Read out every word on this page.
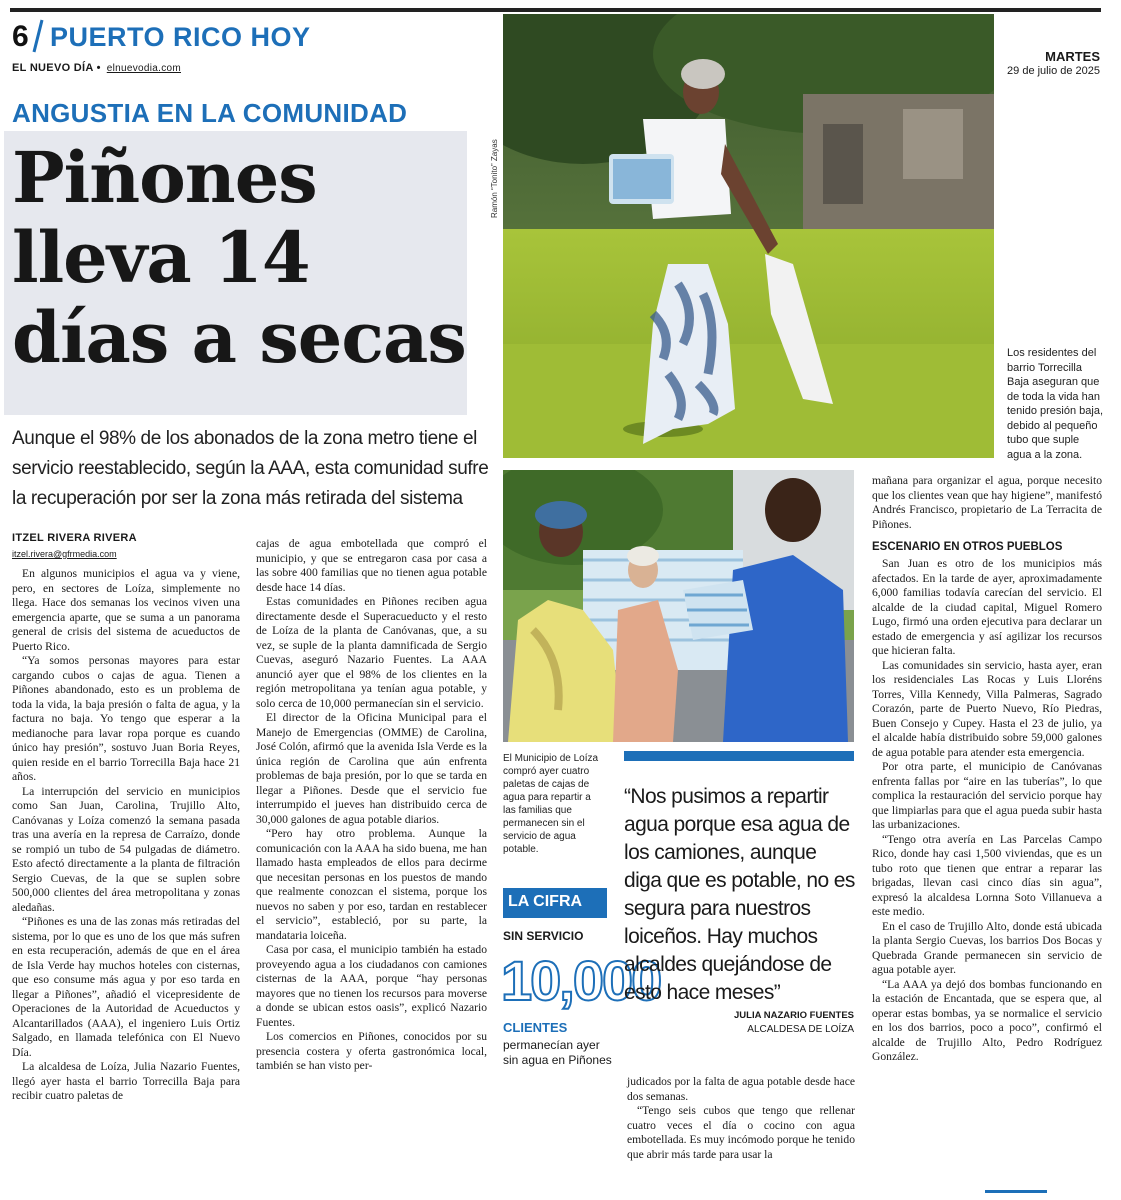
6 PUERTO RICO HOY
EL NUEVO DÍA • elnuevodia.com
MARTES
29 de julio de 2025
ANGUSTIA EN LA COMUNIDAD
Piñones lleva 14 días a secas
Aunque el 98% de los abonados de la zona metro tiene el servicio reestablecido, según la AAA, esta comunidad sufre la recuperación por ser la zona más retirada del sistema
Ramón “Tonito” Zayas
Los residentes del barrio Torrecilla Baja aseguran que de toda la vida han tenido presión baja, debido al pequeño tubo que suple agua a la zona.
El Municipio de Loíza compró ayer cuatro paletas de cajas de agua para repartir a las familias que permanecen sin el servicio de agua potable.
ITZEL RIVERA RIVERA
itzel.rivera@gfrmedia.com

En algunos municipios el agua va y viene, pero, en sectores de Loíza, simplemente no llega. Hace dos semanas los vecinos viven una emergencia aparte, que se suma a un panorama general de crisis del sistema de acueductos de Puerto Rico.

“Ya somos personas mayores para estar cargando cubos o cajas de agua. Tienen a Piñones abandonado, esto es un problema de toda la vida, la baja presión o falta de agua, y la factura no baja. Yo tengo que esperar a la medianoche para lavar ropa porque es cuando único hay presión”, sostuvo Juan Boria Reyes, quien reside en el barrio Torrecilla Baja hace 21 años.

La interrupción del servicio en municipios como San Juan, Carolina, Trujillo Alto, Canóvanas y Loíza comenzó la semana pasada tras una avería en la represa de Carraízo, donde se rompió un tubo de 54 pulgadas de diámetro. Esto afectó directamente a la planta de filtración Sergio Cuevas, de la que se suplen sobre 500,000 clientes del área metropolitana y zonas aledañas.

“Piñones es una de las zonas más retiradas del sistema, por lo que es uno de los que más sufren en esta recuperación, además de que en el área de Isla Verde hay muchos hoteles con cisternas, que eso consume más agua y por eso tarda en llegar a Piñones”, añadió el vicepresidente de Operaciones de la Autoridad de Acueductos y Alcantarillados (AAA), el ingeniero Luis Ortiz Salgado, en llamada telefónica con El Nuevo Día.

La alcaldesa de Loíza, Julia Nazario Fuentes, llegó ayer hasta el barrio Torrecilla Baja para recibir cuatro paletas de

cajas de agua embotellada que compró el municipio, y que se entregaron casa por casa a las sobre 400 familias que no tienen agua potable desde hace 14 días.

Estas comunidades en Piñones reciben agua directamente desde el Superacueducto y el resto de Loíza de la planta de Canóvanas, que, a su vez, se suple de la planta damnificada de Sergio Cuevas, aseguró Nazario Fuentes. La AAA anunció ayer que el 98% de los clientes en la región metropolitana ya tenían agua potable, y solo cerca de 10,000 permanecían sin el servicio.

El director de la Oficina Municipal para el Manejo de Emergencias (OMME) de Carolina, José Colón, afirmó que la avenida Isla Verde es la única región de Carolina que aún enfrenta problemas de baja presión, por lo que se tarda en llegar a Piñones. Desde que el servicio fue interrumpido el jueves han distribuido cerca de 30,000 galones de agua potable diarios.

“Pero hay otro problema. Aunque la comunicación con la AAA ha sido buena, me han llamado hasta empleados de ellos para decirme que necesitan personas en los puestos de mando que realmente conozcan el sistema, porque los nuevos no saben y por eso, tardan en restablecer el servicio”, estableció, por su parte, la mandataria loiceña.

Casa por casa, el municipio también ha estado proveyendo agua a los ciudadanos con camiones cisternas de la AAA, porque “hay personas mayores que no tienen los recursos para moverse a donde se ubican estos oasis”, explicó Nazario Fuentes.

Los comercios en Piñones, conocidos por su presencia costera y oferta gastronómica local, también se han visto per-

judicados por la falta de agua potable desde hace dos semanas.

“Tengo seis cubos que tengo que rellenar cuatro veces el día o cocino con agua embotellada. Es muy incómodo porque he tenido que abrir más tarde para usar la

mañana para organizar el agua, porque necesito que los clientes vean que hay higiene”, manifestó Andrés Francisco, propietario de La Terracita de Piñones.

ESCENARIO EN OTROS PUEBLOS

San Juan es otro de los municipios más afectados. En la tarde de ayer, aproximadamente 6,000 familias todavía carecían del servicio. El alcalde de la ciudad capital, Miguel Romero Lugo, firmó una orden ejecutiva para declarar un estado de emergencia y así agilizar los recursos que hicieran falta.

Las comunidades sin servicio, hasta ayer, eran los residenciales Las Rocas y Luis Lloréns Torres, Villa Kennedy, Villa Palmeras, Sagrado Corazón, parte de Puerto Nuevo, Río Piedras, Buen Consejo y Cupey. Hasta el 23 de julio, ya el alcalde había distribuido sobre 59,000 galones de agua potable para atender esta emergencia.

Por otra parte, el municipio de Canóvanas enfrenta fallas por “aire en las tuberías”, lo que complica la restauración del servicio porque hay que limpiarlas para que el agua pueda subir hasta las urbanizaciones.

“Tengo otra avería en Las Parcelas Campo Rico, donde hay casi 1,500 viviendas, que es un tubo roto que tienen que entrar a reparar las brigadas, llevan casi cinco días sin agua”, expresó la alcaldesa Lornna Soto Villanueva a este medio.

En el caso de Trujillo Alto, donde está ubicada la planta Sergio Cuevas, los barrios Dos Bocas y Quebrada Grande permanecen sin servicio de agua potable ayer.

“La AAA ya dejó dos bombas funcionando en la estación de Encantada, que se espera que, al operar estas bombas, ya se normalice el servicio en los dos barrios, poco a poco”, confirmó el alcalde de Trujillo Alto, Pedro Rodríguez González.

LA CIFRA
SIN SERVICIO
10,000
CLIENTES
permanecían ayer sin agua en Piñones
“Nos pusimos a repartir agua porque esa agua de los camiones, aunque diga que es potable, no es segura para nuestros loiceños. Hay muchos alcaldes quejándose de esto hace meses”
JULIA NAZARIO FUENTES
ALCALDESA DE LOÍZA
